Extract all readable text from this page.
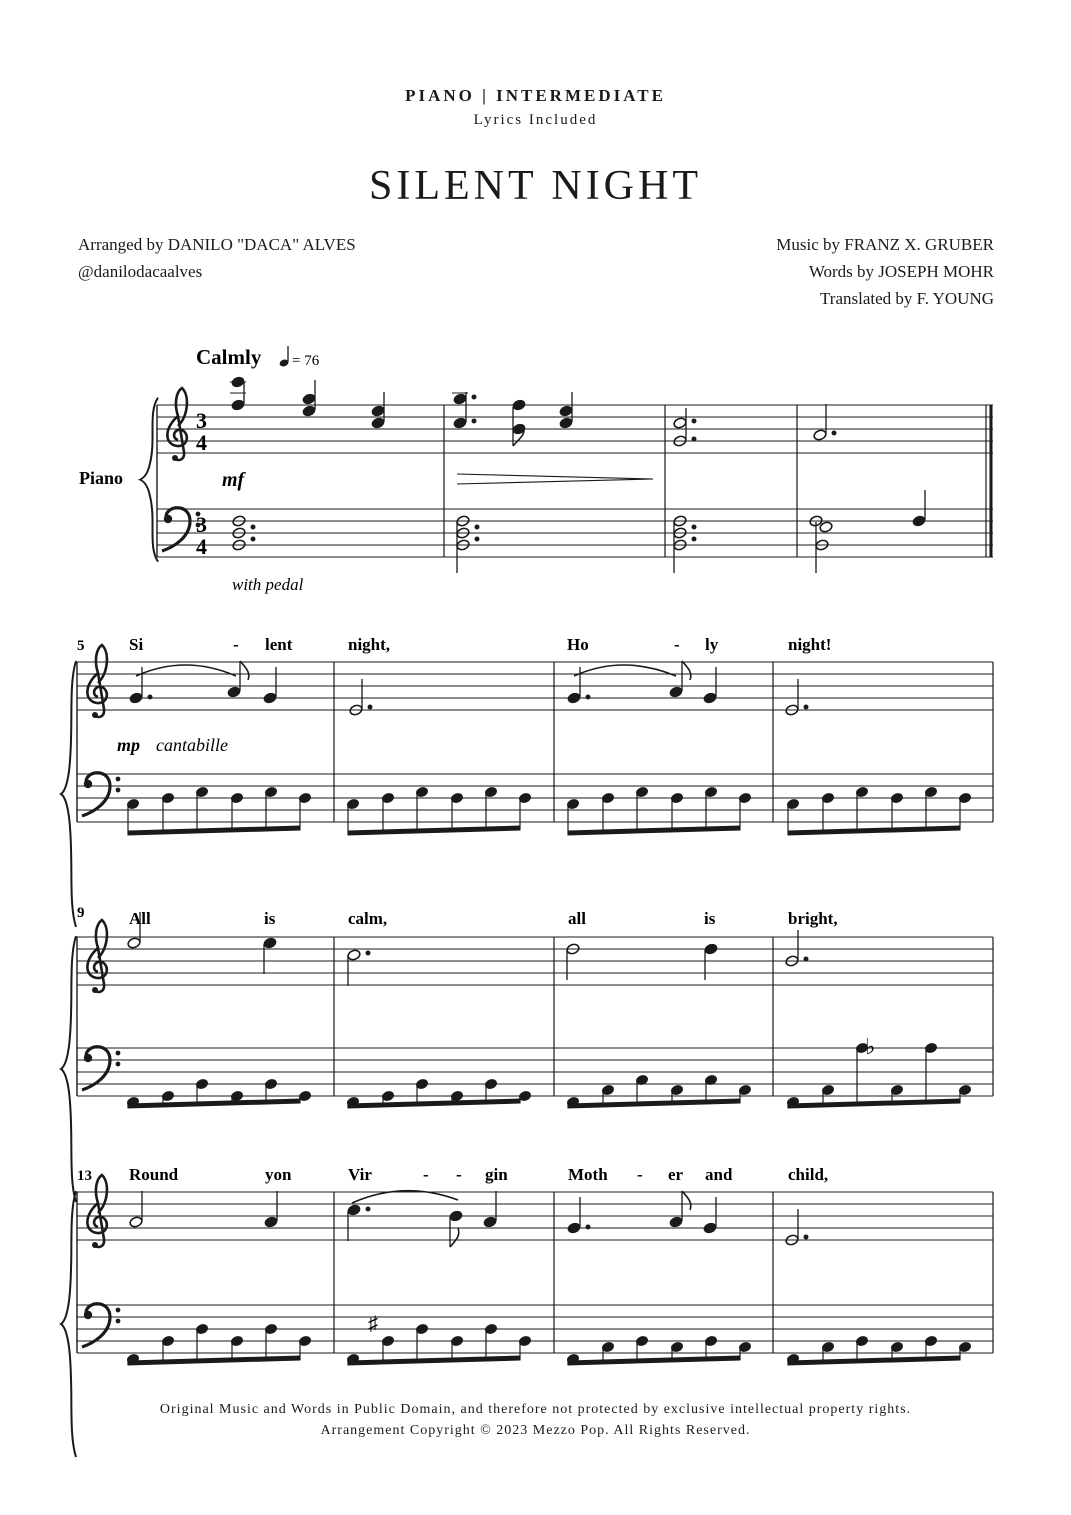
PIANO | INTERMEDIATE
Lyrics Included
SILENT NIGHT
Arranged by DANILO "DACA" ALVES
@danilodacaalves
Music by FRANZ X. GRUBER
Words by JOSEPH MOHR
Translated by F. YOUNG
Calmly = 76
Piano
3
4
3
4
mf
with pedal
5	Si	- lent	night,	Ho	- ly	night!
mp cantabille
9	All	is	calm,	all	is	bright,
13 Round	yon	Vir	- - gin	Moth - er and	child,
♭
♯
Original Music and Words in Public Domain, and therefore not protected by exclusive intellectual property rights.
Arrangement Copyright © 2023 Mezzo Pop. All Rights Reserved.
